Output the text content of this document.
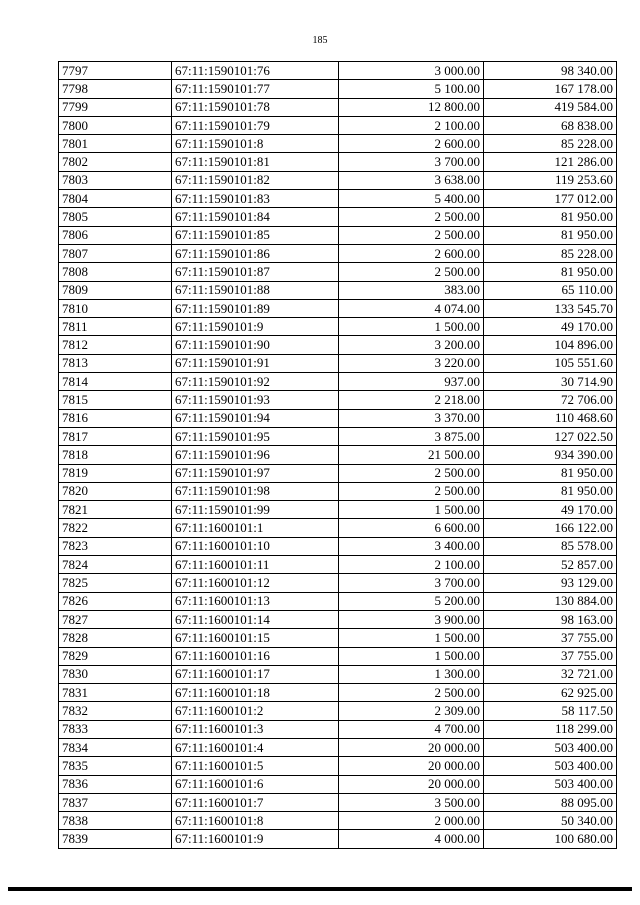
185
7797	67:11:1590101:76	3 000.00	98 340.00
7798	67:11:1590101:77	5 100.00	167 178.00
7799	67:11:1590101:78	12 800.00	419 584.00
7800	67:11:1590101:79	2 100.00	68 838.00
7801	67:11:1590101:8	2 600.00	85 228.00
7802	67:11:1590101:81	3 700.00	121 286.00
7803	67:11:1590101:82	3 638.00	119 253.60
7804	67:11:1590101:83	5 400.00	177 012.00
7805	67:11:1590101:84	2 500.00	81 950.00
7806	67:11:1590101:85	2 500.00	81 950.00
7807	67:11:1590101:86	2 600.00	85 228.00
7808	67:11:1590101:87	2 500.00	81 950.00
7809	67:11:1590101:88	383.00	65 110.00
7810	67:11:1590101:89	4 074.00	133 545.70
7811	67:11:1590101:9	1 500.00	49 170.00
7812	67:11:1590101:90	3 200.00	104 896.00
7813	67:11:1590101:91	3 220.00	105 551.60
7814	67:11:1590101:92	937.00	30 714.90
7815	67:11:1590101:93	2 218.00	72 706.00
7816	67:11:1590101:94	3 370.00	110 468.60
7817	67:11:1590101:95	3 875.00	127 022.50
7818	67:11:1590101:96	21 500.00	934 390.00
7819	67:11:1590101:97	2 500.00	81 950.00
7820	67:11:1590101:98	2 500.00	81 950.00
7821	67:11:1590101:99	1 500.00	49 170.00
7822	67:11:1600101:1	6 600.00	166 122.00
7823	67:11:1600101:10	3 400.00	85 578.00
7824	67:11:1600101:11	2 100.00	52 857.00
7825	67:11:1600101:12	3 700.00	93 129.00
7826	67:11:1600101:13	5 200.00	130 884.00
7827	67:11:1600101:14	3 900.00	98 163.00
7828	67:11:1600101:15	1 500.00	37 755.00
7829	67:11:1600101:16	1 500.00	37 755.00
7830	67:11:1600101:17	1 300.00	32 721.00
7831	67:11:1600101:18	2 500.00	62 925.00
7832	67:11:1600101:2	2 309.00	58 117.50
7833	67:11:1600101:3	4 700.00	118 299.00
7834	67:11:1600101:4	20 000.00	503 400.00
7835	67:11:1600101:5	20 000.00	503 400.00
7836	67:11:1600101:6	20 000.00	503 400.00
7837	67:11:1600101:7	3 500.00	88 095.00
7838	67:11:1600101:8	2 000.00	50 340.00
7839	67:11:1600101:9	4 000.00	100 680.00
